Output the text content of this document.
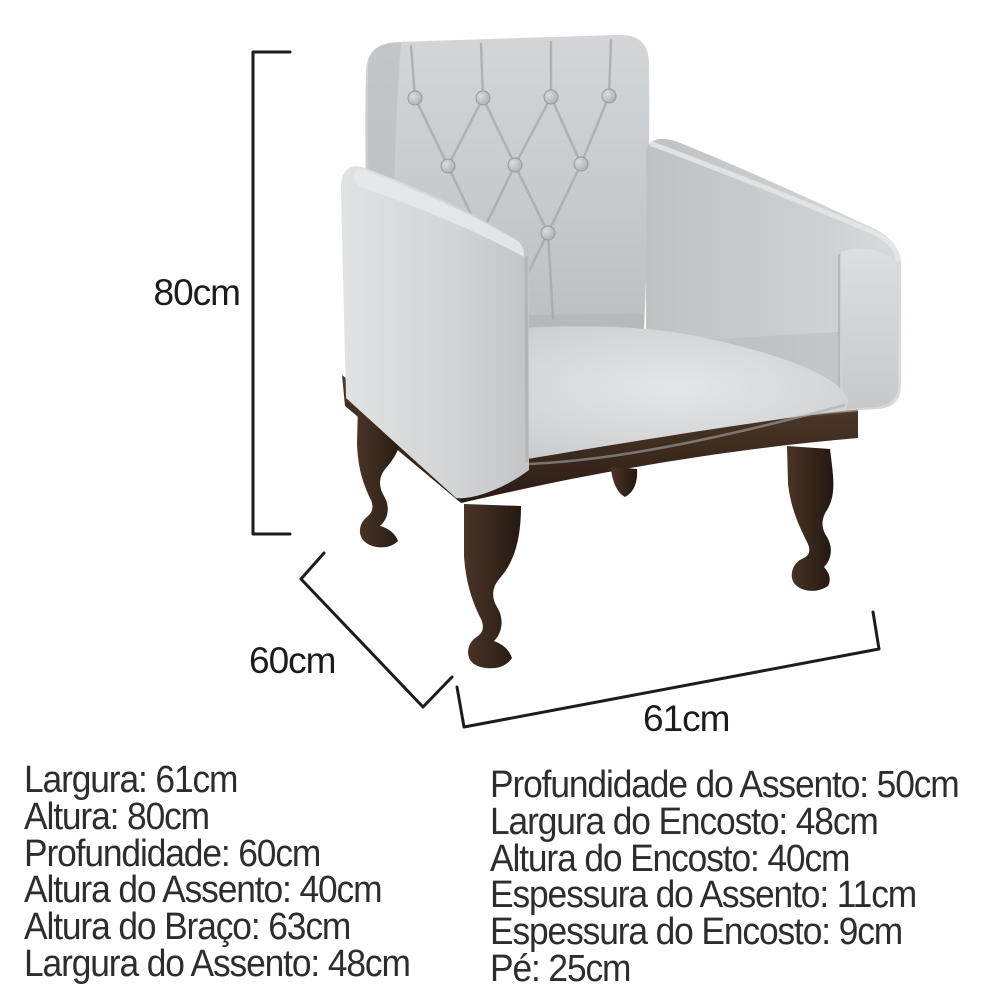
80cm
60cm
61cm
Largura: 61cm
Altura: 80cm
Profundidade: 60cm
Altura do Assento: 40cm
Altura do Braço: 63cm
Largura do Assento: 48cm
Profundidade do Assento: 50cm
Largura do Encosto: 48cm
Altura do Encosto: 40cm
Espessura do Assento: 11cm
Espessura do Encosto: 9cm
Pé: 25cm
